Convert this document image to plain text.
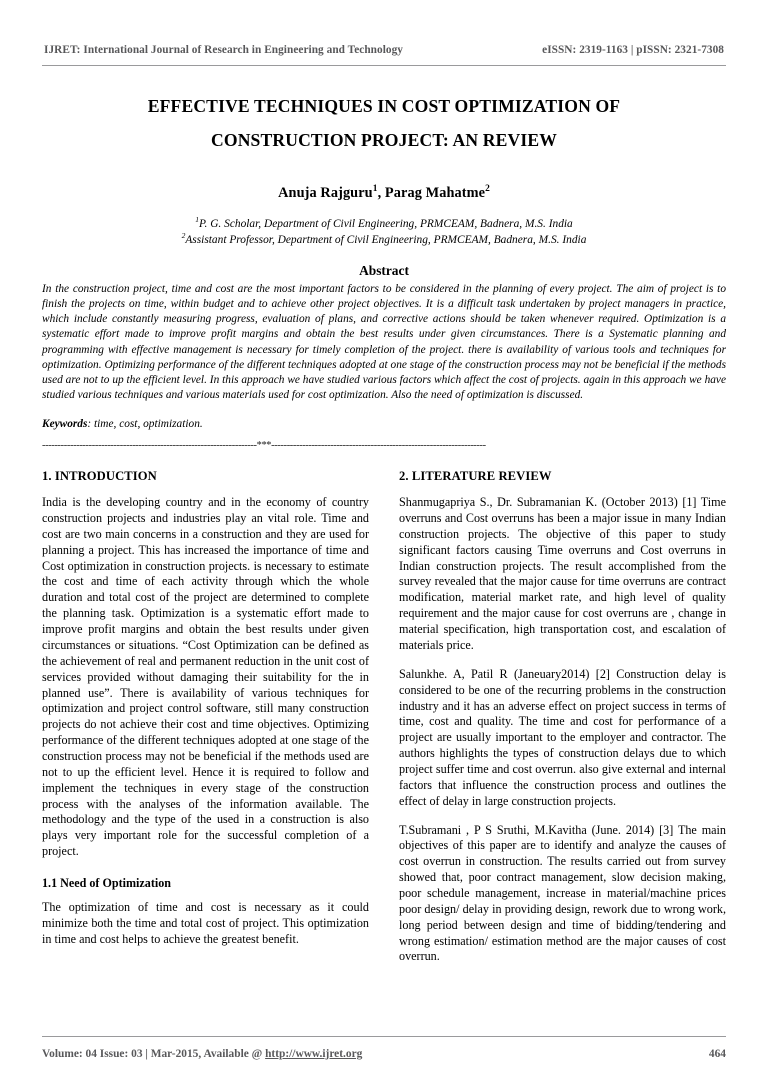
IJRET: International Journal of Research in Engineering and Technology	eISSN: 2319-1163 | pISSN: 2321-7308
EFFECTIVE TECHNIQUES IN COST OPTIMIZATION OF
CONSTRUCTION PROJECT: AN REVIEW
Anuja Rajguru$^1$, Parag Mahatme$^2$
$^1$P. G. Scholar, Department of Civil Engineering, PRMCEAM, Badnera, M.S. India
$^2$Assistant Professor, Department of Civil Engineering, PRMCEAM, Badnera, M.S. India
Abstract
In the construction project, time and cost are the most important factors to be considered in the planning of every project. The aim of project is to finish the projects on time, within budget and to achieve other project objectives. It is a difficult task undertaken by project managers in practice, which include constantly measuring progress, evaluation of plans, and corrective actions should be taken whenever required. Optimization is a systematic effort made to improve profit margins and obtain the best results under given circumstances. There is a Systematic planning and programming with effective management is necessary for timely completion of the project. there is availability of various tools and techniques for optimization. Optimizing performance of the different techniques adopted at one stage of the construction process may not be beneficial if the methods used are not to up the efficient level. In this approach we have studied various factors which affect the cost of projects. again in this approach we have studied various techniques and various materials used for cost optimization. Also the need of optimization is discussed.
Keywords: time, cost, optimization.
---------------------------------------------------------------------***---------------------------------------------------------------------
1. INTRODUCTION

India is the developing country and in the economy of country construction projects and industries play an vital role. Time and cost are two main concerns in a construction and they are used for planning a project. This has increased the importance of time and Cost optimization in construction projects. is necessary to estimate the cost and time of each activity through which the whole duration and total cost of the project are determined to complete the planning task. Optimization is a systematic effort made to improve profit margins and obtain the best results under given circumstances or situations. “Cost Optimization can be defined as the achievement of real and permanent reduction in the unit cost of services provided without damaging their suitability for the in planned use”. There is availability of various techniques for optimization and project control software, still many construction projects do not achieve their cost and time objectives. Optimizing performance of the different techniques adopted at one stage of the construction process may not be beneficial if the methods used are not to up the efficient level. Hence it is required to follow and implement the techniques in every stage of the construction process with the analyses of the information available. The methodology and the type of the used in a construction is also plays very important role for the successful completion of a project.

1.1 Need of Optimization

The optimization of time and cost is necessary as it could minimize both the time and total cost of project. This optimization in time and cost helps to achieve the greatest benefit.

2. LITERATURE REVIEW

Shanmugapriya S., Dr. Subramanian K. (October 2013) [1] Time overruns and Cost overruns has been a major issue in many Indian construction projects. The objective of this paper to study significant factors causing Time overruns and Cost overruns in Indian construction projects. The result accomplished from the survey revealed that the major cause for time overruns are contract modification, material market rate, and high level of quality requirement and the major cause for cost overruns are , change in material specification, high transportation cost, and escalation of materials price.

Salunkhe. A, Patil R (Janeuary2014) [2] Construction delay is considered to be one of the recurring problems in the construction industry and it has an adverse effect on project success in terms of time, cost and quality. The time and cost for performance of a project are usually important to the employer and contractor. The authors highlights the types of construction delays due to which project suffer time and cost overrun. also give external and internal factors that influence the construction process and outlines the effect of delay in large construction projects.

T.Subramani , P S Sruthi, M.Kavitha (June. 2014) [3] The main objectives of this paper are to identify and analyze the causes of cost overrun in construction. The results carried out from survey showed that, poor contract management, slow decision making, poor schedule management, increase in material/machine prices poor design/ delay in providing design, rework due to wrong work, long period between design and time of bidding/tendering and wrong estimation/ estimation method are the major causes of cost overrun.

Volume: 04 Issue: 03 | Mar-2015, Available @ http://www.ijret.org	464
